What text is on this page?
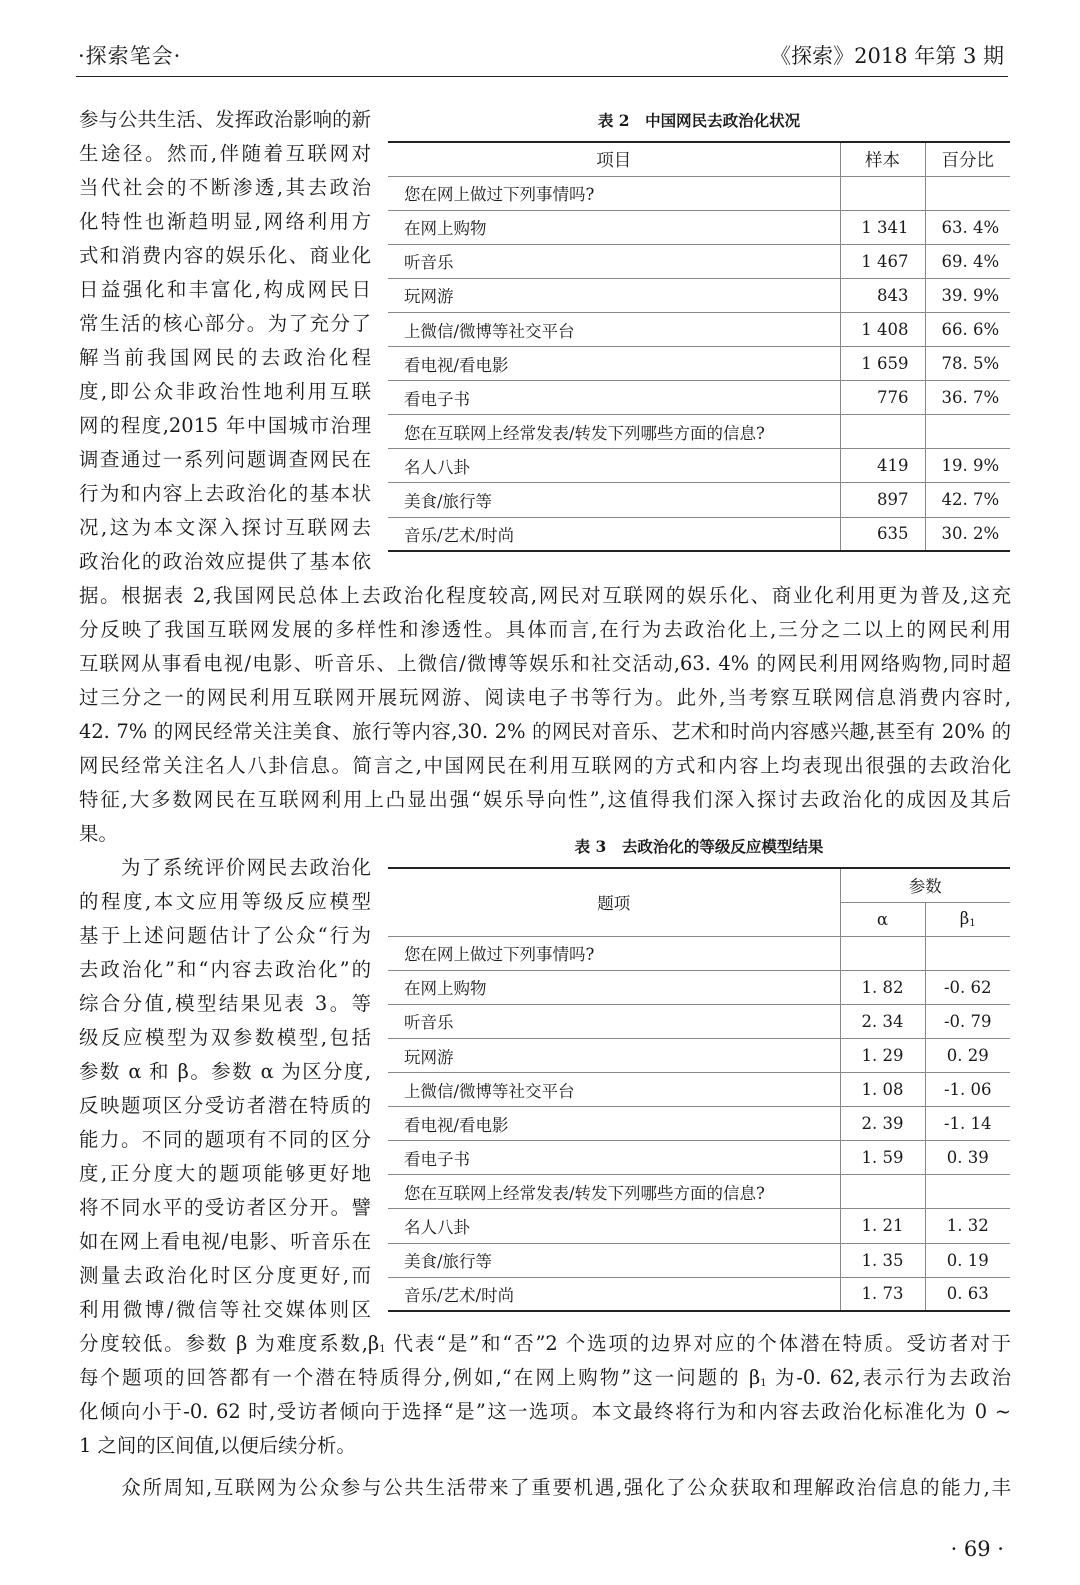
·探索笔会·	《探索》2018 年第 3 期
参与公共生活、发挥政治影响的新
生途径。然而,伴随着互联网对
当代社会的不断渗透,其去政治
化特性也渐趋明显,网络利用方
式和消费内容的娱乐化、商业化
日益强化和丰富化,构成网民日
常生活的核心部分。为了充分了
解当前我国网民的去政治化程
度,即公众非政治性地利用互联
网的程度,2015 年中国城市治理
调查通过一系列问题调查网民在
行为和内容上去政治化的基本状
况,这为本文深入探讨互联网去
政治化的政治效应提供了基本依
表 2　中国网民去政治化状况
项目	样本	百分比
您在网上做过下列事情吗?		
在网上购物	1 341	63. 4%
听音乐	1 467	69. 4%
玩网游	843	39. 9%
上微信/微博等社交平台	1 408	66. 6%
看电视/看电影	1 659	78. 5%
看电子书	776	36. 7%
您在互联网上经常发表/转发下列哪些方面的信息?		
名人八卦	419	19. 9%
美食/旅行等	897	42. 7%
音乐/艺术/时尚	635	30. 2%
据。根据表 2,我国网民总体上去政治化程度较高,网民对互联网的娱乐化、商业化利用更为普及,这充
分反映了我国互联网发展的多样性和渗透性。具体而言,在行为去政治化上,三分之二以上的网民利用
互联网从事看电视/电影、听音乐、上微信/微博等娱乐和社交活动,63. 4% 的网民利用网络购物,同时超
过三分之一的网民利用互联网开展玩网游、阅读电子书等行为。此外,当考察互联网信息消费内容时,
42. 7% 的网民经常关注美食、旅行等内容,30. 2% 的网民对音乐、艺术和时尚内容感兴趣,甚至有 20% 的
网民经常关注名人八卦信息。简言之,中国网民在利用互联网的方式和内容上均表现出很强的去政治化
特征,大多数网民在互联网利用上凸显出强“娱乐导向性”,这值得我们深入探讨去政治化的成因及其后
果。
　　为了系统评价网民去政治化
的程度,本文应用等级反应模型
基于上述问题估计了公众“行为
去政治化”和“内容去政治化”的
综合分值,模型结果见表 3。等
级反应模型为双参数模型,包括
参数 α 和 β。参数 α 为区分度,
反映题项区分受访者潜在特质的
能力。不同的题项有不同的区分
度,正分度大的题项能够更好地
将不同水平的受访者区分开。譬
如在网上看电视/电影、听音乐在
测量去政治化时区分度更好,而
利用微博/微信等社交媒体则区
表 3　去政治化的等级反应模型结果
题项	参数	
	α	β1
您在网上做过下列事情吗?		
在网上购物	1. 82	-0. 62
听音乐	2. 34	-0. 79
玩网游	1. 29	0. 29
上微信/微博等社交平台	1. 08	-1. 06
看电视/看电影	2. 39	-1. 14
看电子书	1. 59	0. 39
您在互联网上经常发表/转发下列哪些方面的信息?		
名人八卦	1. 21	1. 32
美食/旅行等	1. 35	0. 19
音乐/艺术/时尚	1. 73	0. 63
分度较低。参数 β 为难度系数,β1 代表“是”和“否”2 个选项的边界对应的个体潜在特质。受访者对于
每个题项的回答都有一个潜在特质得分,例如,“在网上购物”这一问题的 β1 为-0. 62,表示行为去政治
化倾向小于-0. 62 时,受访者倾向于选择“是”这一选项。本文最终将行为和内容去政治化标准化为 0 ~
1 之间的区间值,以便后续分析。
　　众所周知,互联网为公众参与公共生活带来了重要机遇,强化了公众获取和理解政治信息的能力,丰
· 69 ·
